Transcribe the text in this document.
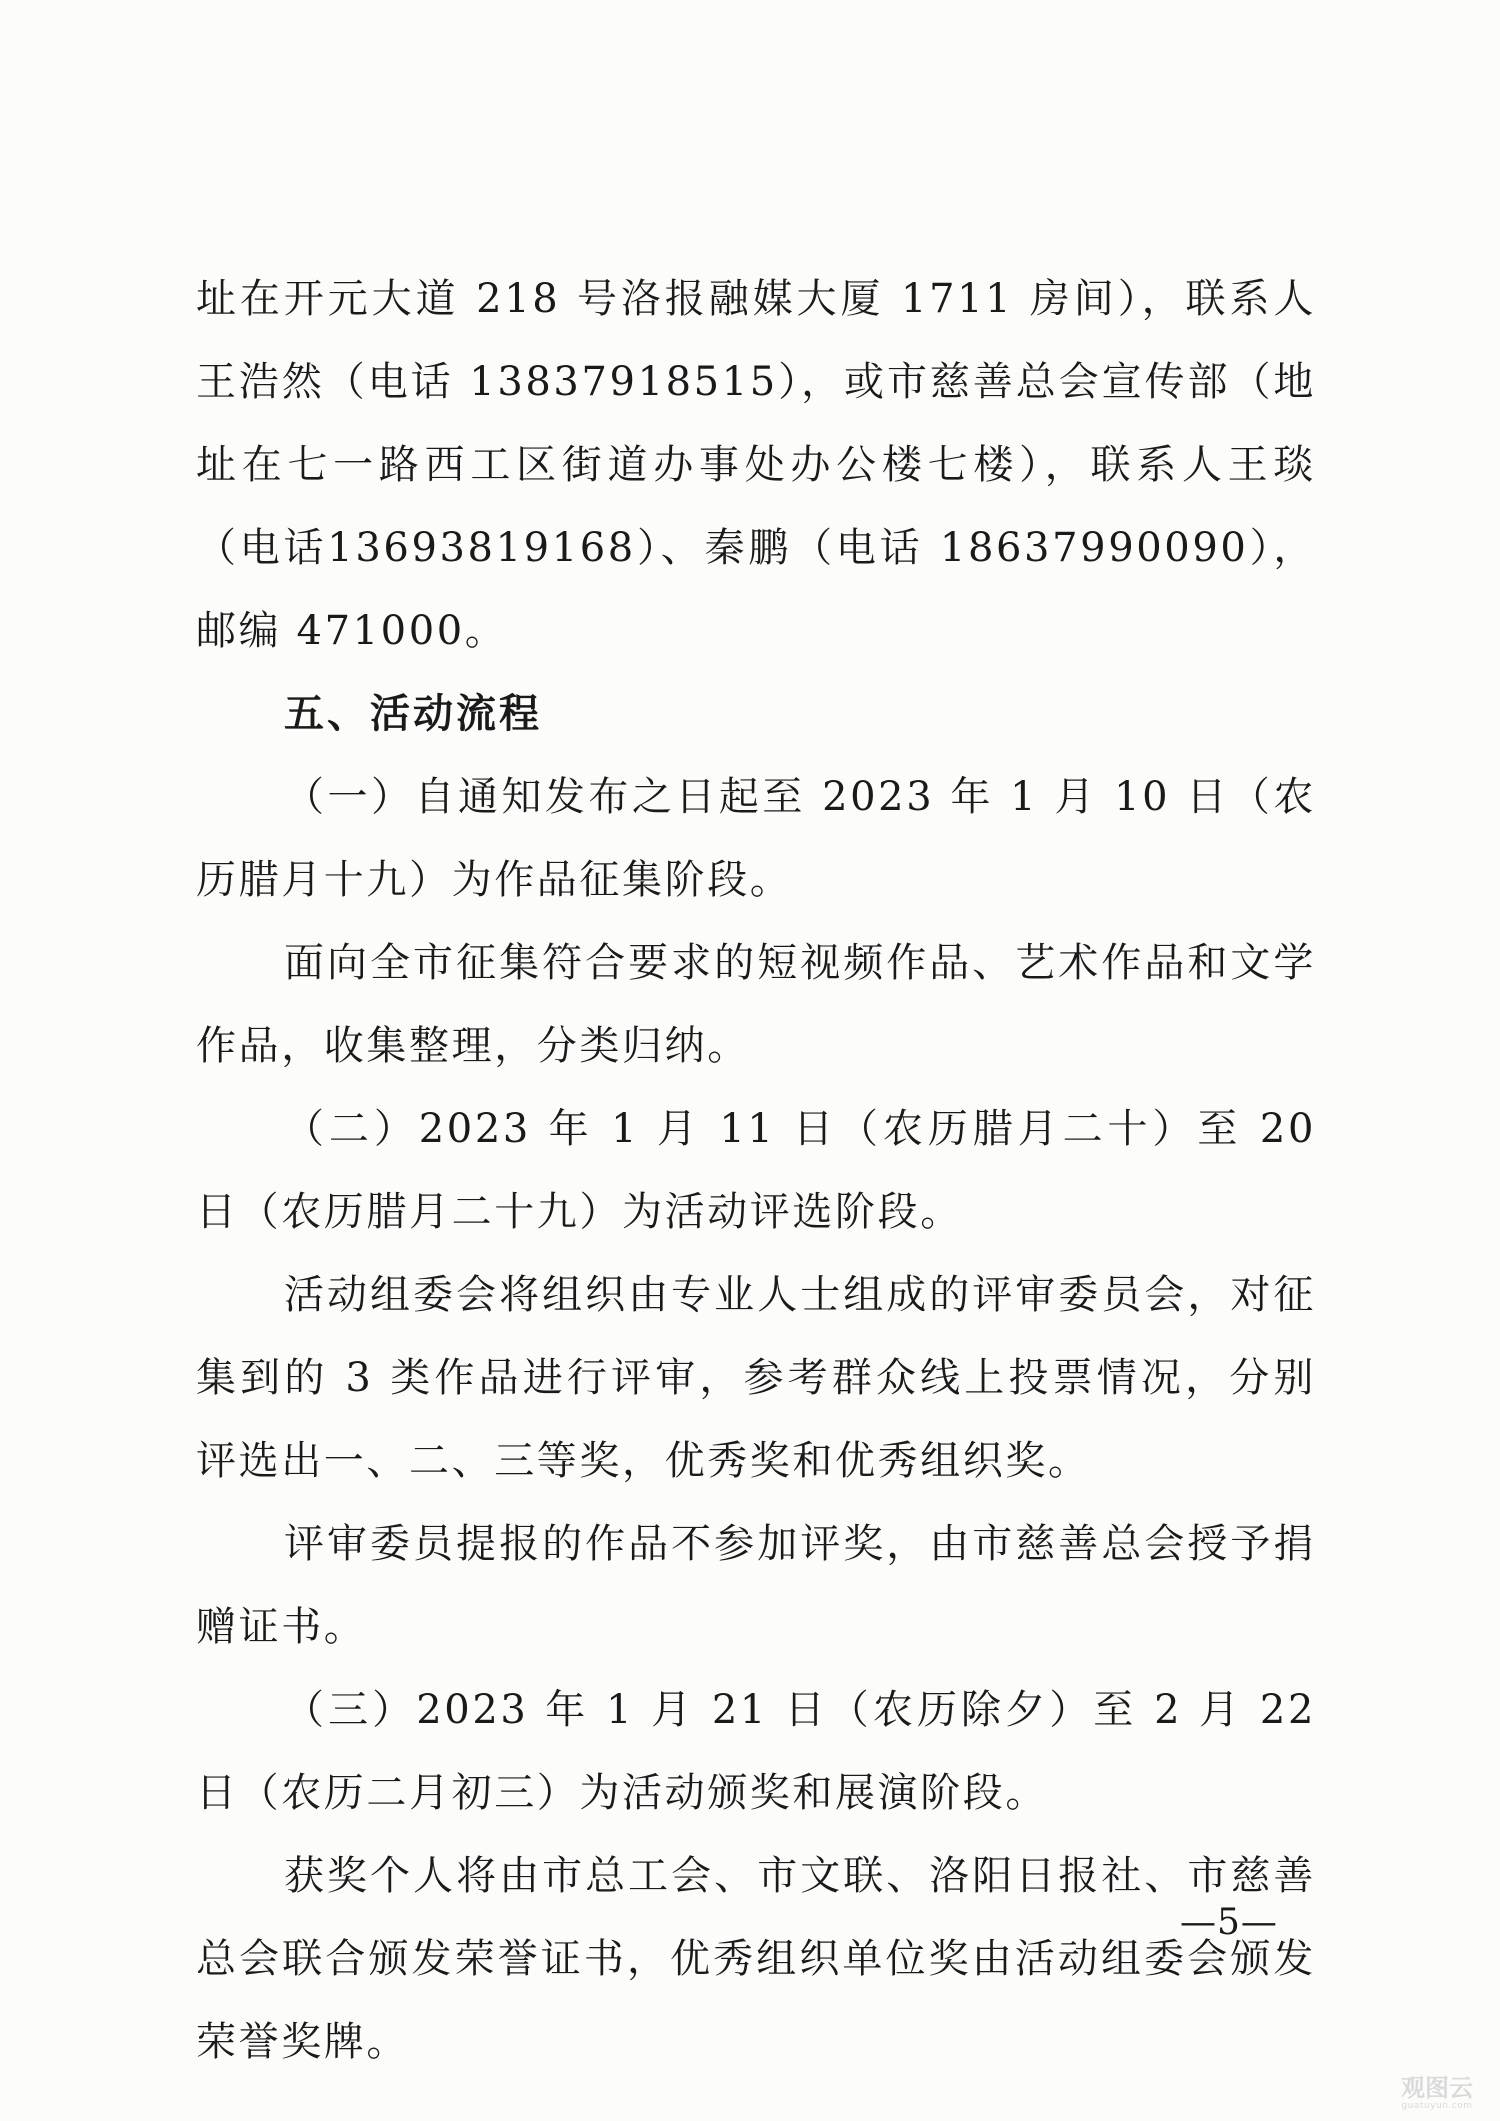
址在开元大道 218 号洛报融媒大厦 1711 房间），联系人王浩然（电话 13837918515），或市慈善总会宣传部（地址在七一路西工区街道办事处办公楼七楼），联系人王琰（电话13693819168）、秦鹏（电话 18637990090），邮编 471000。

五、活动流程

（一）自通知发布之日起至 2023 年 1 月 10 日（农历腊月十九）为作品征集阶段。

面向全市征集符合要求的短视频作品、艺术作品和文学作品，收集整理，分类归纳。

（二）2023 年 1 月 11 日（农历腊月二十）至 20 日（农历腊月二十九）为活动评选阶段。

活动组委会将组织由专业人士组成的评审委员会，对征集到的 3 类作品进行评审，参考群众线上投票情况，分别评选出一、二、三等奖，优秀奖和优秀组织奖。

评审委员提报的作品不参加评奖，由市慈善总会授予捐赠证书。

（三）2023 年 1 月 21 日（农历除夕）至 2 月 22 日（农历二月初三）为活动颁奖和展演阶段。

获奖个人将由市总工会、市文联、洛阳日报社、市慈善总会联合颁发荣誉证书，优秀组织单位奖由活动组委会颁发荣誉奖牌。

—5—
观图云
guatuyun.com
